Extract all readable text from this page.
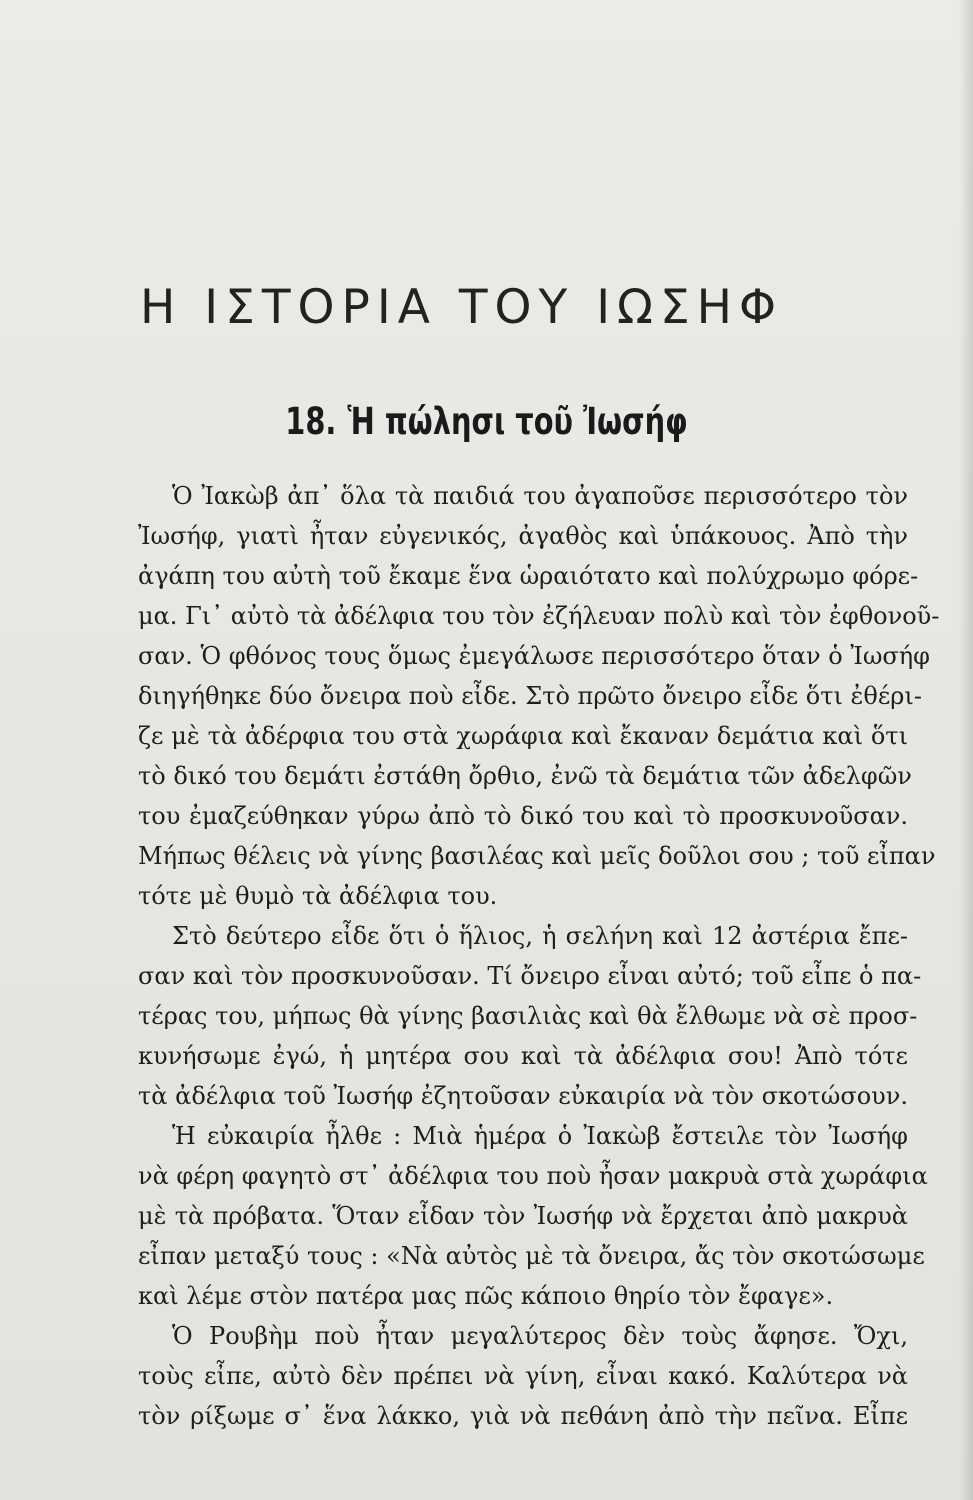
Η ΙΣΤΟΡΙΑ ΤΟΥ ΙΩΣΗΦ
18. Ἡ πώλησι τοῦ Ἰωσήφ
Ὁ Ἰακὼβ ἀπ᾿ ὅλα τὰ παιδιά του ἀγαποῦσε περισσότερο τὸν
Ἰωσήφ, γιατὶ ἦταν εὐγενικός, ἀγαθὸς καὶ ὑπάκουος. Ἀπὸ τὴν
ἀγάπη του αὐτὴ τοῦ ἔκαμε ἕνα ὡραιότατο καὶ πολύχρωμο φόρε-
μα. Γι᾿ αὐτὸ τὰ ἀδέλφια του τὸν ἐζήλευαν πολὺ καὶ τὸν ἐφθονοῦ-
σαν. Ὁ φθόνος τους ὅμως ἐμεγάλωσε περισσότερο ὅταν ὁ Ἰωσήφ
διηγήθηκε δύο ὄνειρα ποὺ εἶδε. Στὸ πρῶτο ὄνειρο εἶδε ὅτι ἐθέρι-
ζε μὲ τὰ ἀδέρφια του στὰ χωράφια καὶ ἔκαναν δεμάτια καὶ ὅτι
τὸ δικό του δεμάτι ἐστάθη ὄρθιο, ἐνῶ τὰ δεμάτια τῶν ἀδελφῶν
του ἐμαζεύθηκαν γύρω ἀπὸ τὸ δικό του καὶ τὸ προσκυνοῦσαν.
Μήπως θέλεις νὰ γίνης βασιλέας καὶ μεῖς δοῦλοι σου ; τοῦ εἶπαν
τότε μὲ θυμὸ τὰ ἀδέλφια του.
Στὸ δεύτερο εἶδε ὅτι ὁ ἥλιος, ἡ σελήνη καὶ 12 ἀστέρια ἔπε-
σαν καὶ τὸν προσκυνοῦσαν. Τί ὄνειρο εἶναι αὐτό; τοῦ εἶπε ὁ πα-
τέρας του, μήπως θὰ γίνης βασιλιὰς καὶ θὰ ἔλθωμε νὰ σὲ προσ-
κυνήσωμε ἐγώ, ἡ μητέρα σου καὶ τὰ ἀδέλφια σου! Ἀπὸ τότε
τὰ ἀδέλφια τοῦ Ἰωσήφ ἐζητοῦσαν εὐκαιρία νὰ τὸν σκοτώσουν.
Ἡ εὐκαιρία ἦλθε : Μιὰ ἡμέρα ὁ Ἰακὼβ ἔστειλε τὸν Ἰωσήφ
νὰ φέρη φαγητὸ στ᾿ ἀδέλφια του ποὺ ἦσαν μακρυὰ στὰ χωράφια
μὲ τὰ πρόβατα. Ὅταν εἶδαν τὸν Ἰωσήφ νὰ ἔρχεται ἀπὸ μακρυὰ
εἶπαν μεταξύ τους : «Νὰ αὐτὸς μὲ τὰ ὄνειρα, ἄς τὸν σκοτώσωμε
καὶ λέμε στὸν πατέρα μας πῶς κάποιο θηρίο τὸν ἔφαγε».
Ὁ Ρουβὴμ ποὺ ἦταν μεγαλύτερος δὲν τοὺς ἄφησε. Ὄχι,
τοὺς εἶπε, αὐτὸ δὲν πρέπει νὰ γίνη, εἶναι κακό. Καλύτερα νὰ
τὸν ρίξωμε σ᾿ ἕνα λάκκο, γιὰ νὰ πεθάνη ἀπὸ τὴν πεῖνα. Εἶπε
